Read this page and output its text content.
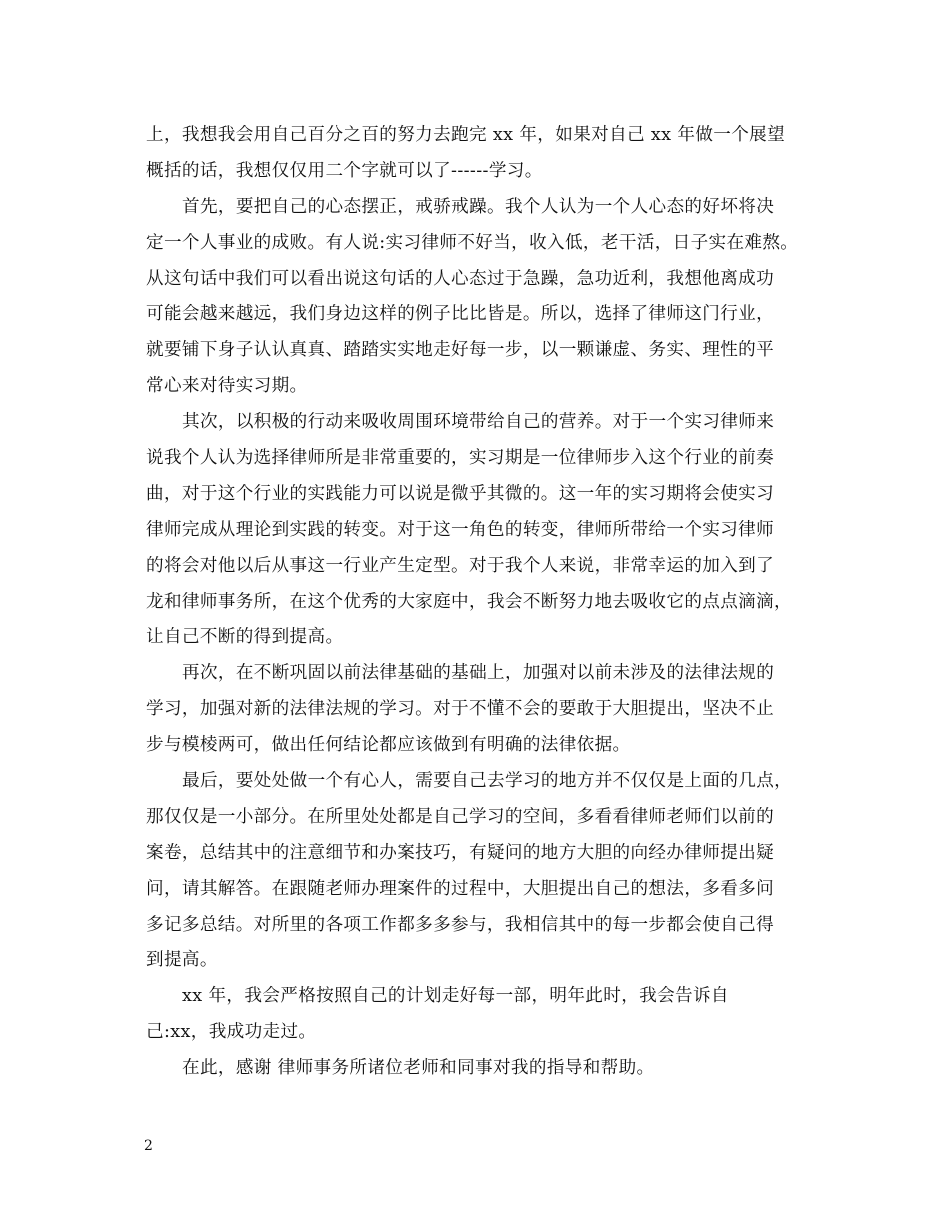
上，我想我会用自己百分之百的努力去跑完 xx 年，如果对自己 xx 年做一个展望
概括的话，我想仅仅用二个字就可以了------学习。
首先，要把自己的心态摆正，戒骄戒躁。我个人认为一个人心态的好坏将决
定一个人事业的成败。有人说:实习律师不好当，收入低，老干活，日子实在难熬。
从这句话中我们可以看出说这句话的人心态过于急躁，急功近利，我想他离成功
可能会越来越远，我们身边这样的例子比比皆是。所以，选择了律师这门行业，
就要铺下身子认认真真、踏踏实实地走好每一步，以一颗谦虚、务实、理性的平
常心来对待实习期。
其次，以积极的行动来吸收周围环境带给自己的营养。对于一个实习律师来
说我个人认为选择律师所是非常重要的，实习期是一位律师步入这个行业的前奏
曲，对于这个行业的实践能力可以说是微乎其微的。这一年的实习期将会使实习
律师完成从理论到实践的转变。对于这一角色的转变，律师所带给一个实习律师
的将会对他以后从事这一行业产生定型。对于我个人来说，非常幸运的加入到了
龙和律师事务所，在这个优秀的大家庭中，我会不断努力地去吸收它的点点滴滴，
让自己不断的得到提高。
再次，在不断巩固以前法律基础的基础上，加强对以前未涉及的法律法规的
学习，加强对新的法律法规的学习。对于不懂不会的要敢于大胆提出，坚决不止
步与模棱两可，做出任何结论都应该做到有明确的法律依据。
最后，要处处做一个有心人，需要自己去学习的地方并不仅仅是上面的几点，
那仅仅是一小部分。在所里处处都是自己学习的空间，多看看律师老师们以前的
案卷，总结其中的注意细节和办案技巧，有疑问的地方大胆的向经办律师提出疑
问，请其解答。在跟随老师办理案件的过程中，大胆提出自己的想法，多看多问
多记多总结。对所里的各项工作都多多参与，我相信其中的每一步都会使自己得
到提高。
xx 年，我会严格按照自己的计划走好每一部，明年此时，我会告诉自
己:xx，我成功走过。
在此，感谢 律师事务所诸位老师和同事对我的指导和帮助。
2
